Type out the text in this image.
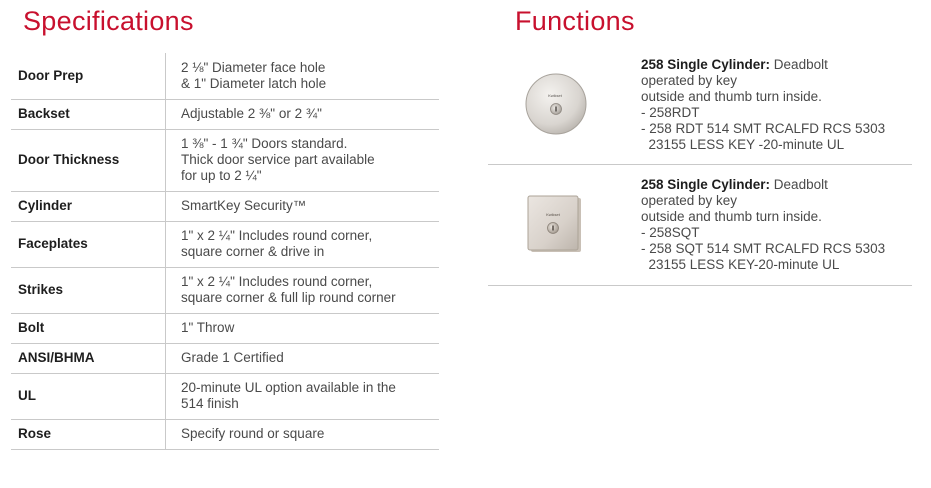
Specifications	Functions
Door Prep	2 ⅛" Diameter face hole
& 1" Diameter latch hole

Backset	Adjustable 2 ⅜" or 2 ¾"

Door Thickness	1 ⅜" - 1 ¾" Doors standard.
Thick door service part available
for up to 2 ¼"

Cylinder	SmartKey Security™

Faceplates	1" x 2 ¼" Includes round corner,
square corner & drive in

Strikes	1" x 2 ¼" Includes round corner,
square corner & full lip round corner

Bolt	1" Throw

ANSI/BHMA	Grade 1 Certified

UL	20-minute UL option available in the
514 finish

Rose	Specify round or square
Kwikset
258 Single Cylinder: Deadbolt
operated by key
outside and thumb turn inside.
- 258RDT
- 258 RDT 514 SMT RCALFD RCS 5303
23155 LESS KEY -20-minute UL
Kwikset
258 Single Cylinder: Deadbolt
operated by key
outside and thumb turn inside.
- 258SQT
- 258 SQT 514 SMT RCALFD RCS 5303
23155 LESS KEY-20-minute UL
